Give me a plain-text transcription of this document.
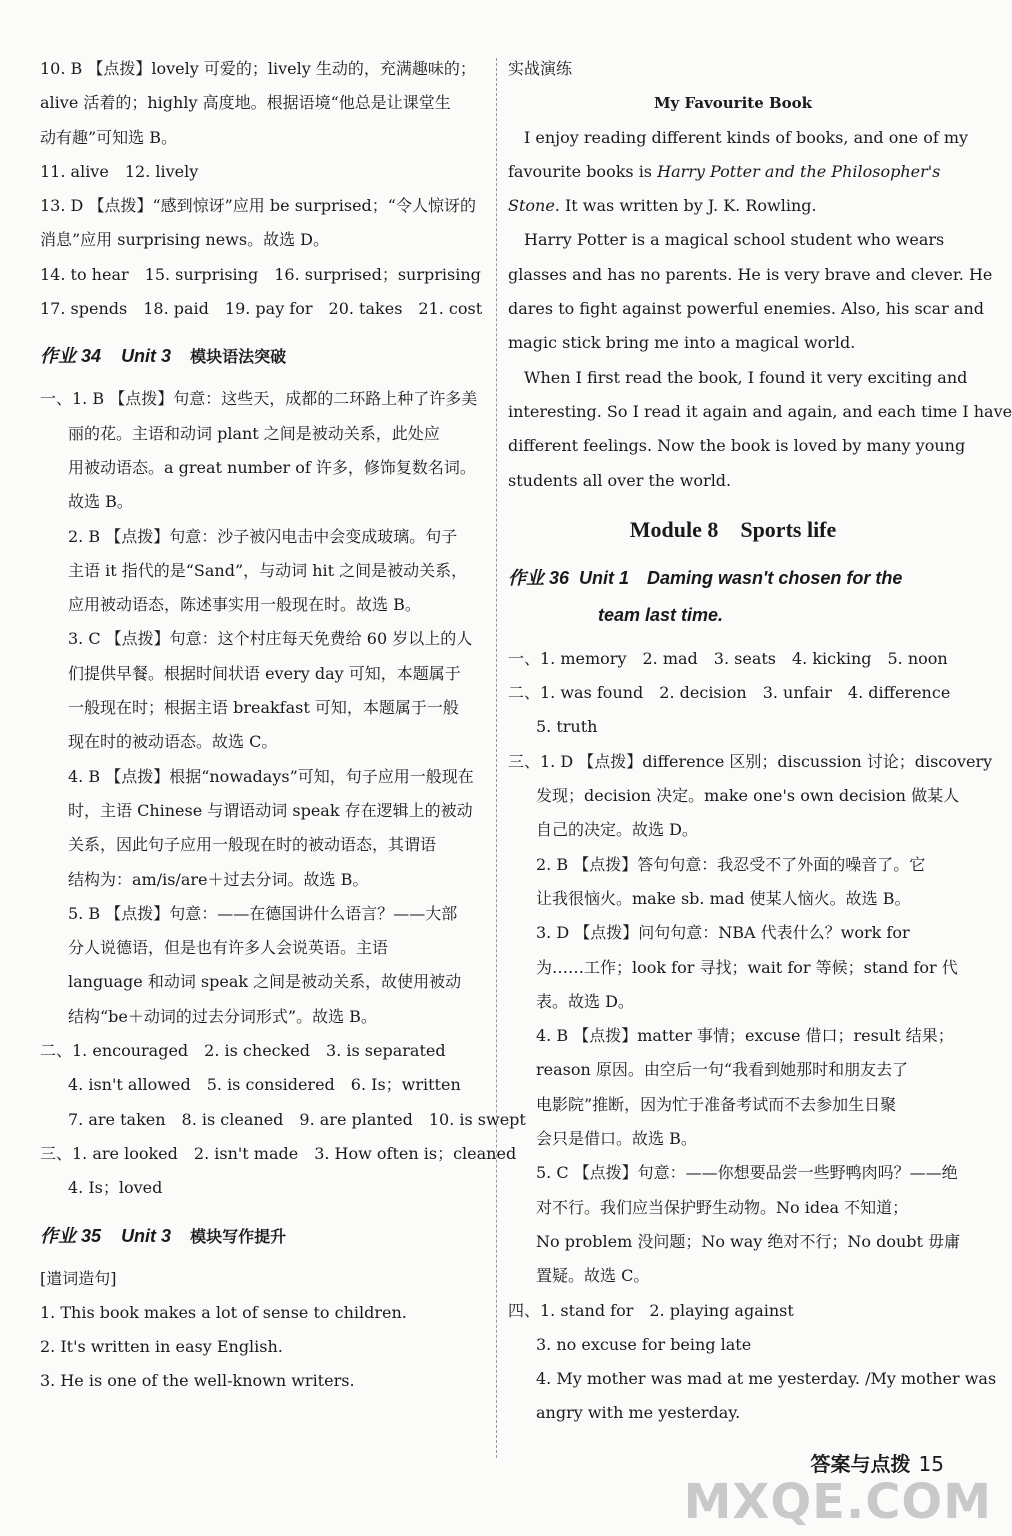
10. B 【点拨】lovely 可爱的；lively 生动的，充满趣味的；
alive 活着的；highly 高度地。根据语境“他总是让课堂生
动有趣”可知选 B。
11. alive　12. lively
13. D 【点拨】“感到惊讶”应用 be surprised；“令人惊讶的
消息”应用 surprising news。故选 D。
14. to hear　15. surprising　16. surprised；surprising
17. spends　18. paid　19. pay for　20. takes　21. cost
作业 34 Unit 3 模块语法突破
一、1. B 【点拨】句意：这些天，成都的二环路上种了许多美
丽的花。主语和动词 plant 之间是被动关系，此处应
用被动语态。a great number of 许多，修饰复数名词。
故选 B。
2. B 【点拨】句意：沙子被闪电击中会变成玻璃。句子
主语 it 指代的是“Sand”，与动词 hit 之间是被动关系，
应用被动语态，陈述事实用一般现在时。故选 B。
3. C 【点拨】句意：这个村庄每天免费给 60 岁以上的人
们提供早餐。根据时间状语 every day 可知，本题属于
一般现在时；根据主语 breakfast 可知，本题属于一般
现在时的被动语态。故选 C。
4. B 【点拨】根据“nowadays”可知，句子应用一般现在
时，主语 Chinese 与谓语动词 speak 存在逻辑上的被动
关系，因此句子应用一般现在时的被动语态，其谓语
结构为：am/is/are＋过去分词。故选 B。
5. B 【点拨】句意：——在德国讲什么语言？——大部
分人说德语，但是也有许多人会说英语。主语
language 和动词 speak 之间是被动关系，故使用被动
结构“be＋动词的过去分词形式”。故选 B。
二、1. encouraged　2. is checked　3. is separated
4. isn't allowed　5. is considered　6. Is；written
7. are taken　8. is cleaned　9. are planted　10. is swept
三、1. are looked　2. isn't made　3. How often is；cleaned
4. Is；loved
作业 35 Unit 3 模块写作提升
[遣词造句]
1. This book makes a lot of sense to children.
2. It's written in easy English.
3. He is one of the well-known writers.
实战演练
My Favourite Book
　I enjoy reading different kinds of books, and one of my
favourite books is Harry Potter and the Philosopher's
Stone. It was written by J. K. Rowling.
　Harry Potter is a magical school student who wears
glasses and has no parents. He is very brave and clever. He
dares to fight against powerful enemies. Also, his scar and
magic stick bring me into a magical world.
　When I first read the book, I found it very exciting and
interesting. So I read it again and again, and each time I have
different feelings. Now the book is loved by many young
students all over the world.
Module 8　Sports life
作业 36 Unit 1　Daming wasn't chosen for the
team last time.
一、1. memory　2. mad　3. seats　4. kicking　5. noon
二、1. was found　2. decision　3. unfair　4. difference
5. truth
三、1. D 【点拨】difference 区别；discussion 讨论；discovery
发现；decision 决定。make one's own decision 做某人
自己的决定。故选 D。
2. B 【点拨】答句句意：我忍受不了外面的噪音了。它
让我很恼火。make sb. mad 使某人恼火。故选 B。
3. D 【点拨】问句句意：NBA 代表什么？work for
为……工作；look for 寻找；wait for 等候；stand for 代
表。故选 D。
4. B 【点拨】matter 事情；excuse 借口；result 结果；
reason 原因。由空后一句“我看到她那时和朋友去了
电影院”推断，因为忙于准备考试而不去参加生日聚
会只是借口。故选 B。
5. C 【点拨】句意：——你想要品尝一些野鸭肉吗？——绝
对不行。我们应当保护野生动物。No idea 不知道；
No problem 没问题；No way 绝对不行；No doubt 毋庸
置疑。故选 C。
四、1. stand for　2. playing against
3. no excuse for being late
4. My mother was mad at me yesterday. /My mother was
angry with me yesterday.
答案与点拨 15
MXQE.COM
